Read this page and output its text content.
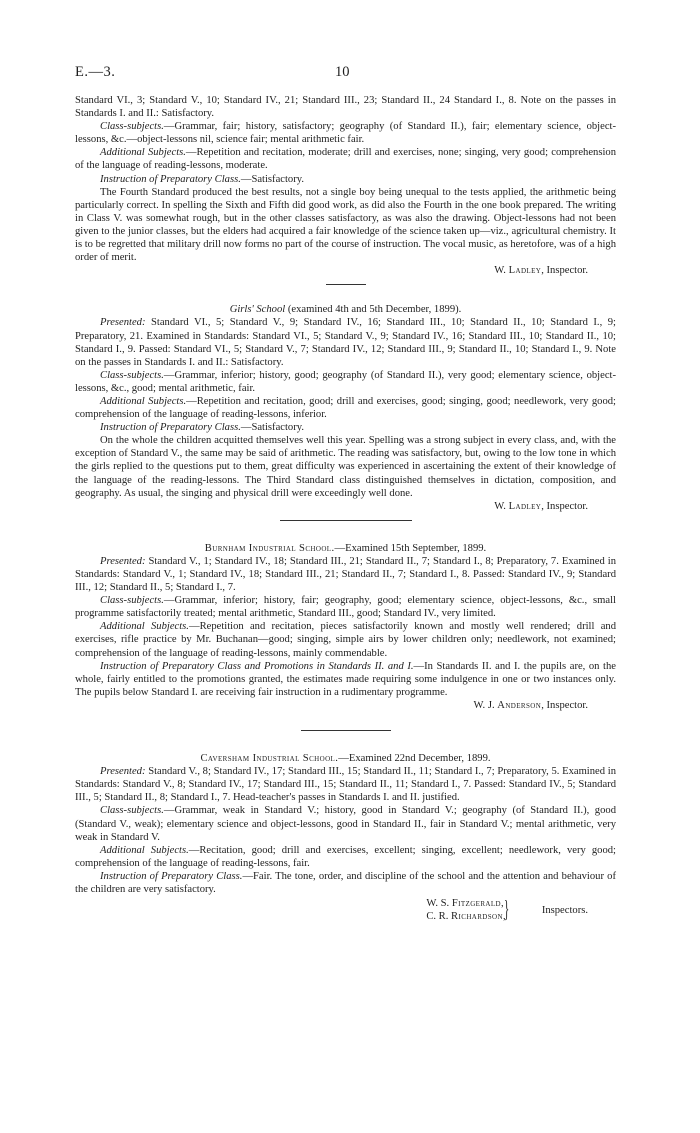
E.—3.	10

Standard VI., 3; Standard V., 10; Standard IV., 21; Standard III., 23; Standard II., 24 Standard I., 8. Note on the passes in Standards I. and II.: Satisfactory.

Class-subjects.—Grammar, fair; history, satisfactory; geography (of Standard II.), fair; elementary science, object-lessons, &c.—object-lessons nil, science fair; mental arithmetic fair.

Additional Subjects.—Repetition and recitation, moderate; drill and exercises, none; singing, very good; comprehension of the language of reading-lessons, moderate.

Instruction of Preparatory Class.—Satisfactory.

The Fourth Standard produced the best results, not a single boy being unequal to the tests applied, the arithmetic being particularly correct. In spelling the Sixth and Fifth did good work, as did also the Fourth in the one book prepared. The writing in Class V. was somewhat rough, but in the other classes satisfactory, as was also the drawing. Object-lessons had not been given to the junior classes, but the elders had acquired a fair knowledge of the science taken up—viz., agricultural chemistry. It is to be regretted that military drill now forms no part of the course of instruction. The vocal music, as heretofore, was of a high order of merit.

W. Ladley, Inspector.

Girls' School (examined 4th and 5th December, 1899).

Presented: Standard VI., 5; Standard V., 9; Standard IV., 16; Standard III., 10; Standard II., 10; Standard I., 9; Preparatory, 21. Examined in Standards: Standard VI., 5; Standard V., 9; Standard IV., 16; Standard III., 10; Standard II., 10; Standard I., 9. Passed: Standard VI., 5; Standard V., 7; Standard IV., 12; Standard III., 9; Standard II., 10; Standard I., 9. Note on the passes in Standards I. and II.: Satisfactory.

Class-subjects.—Grammar, inferior; history, good; geography (of Standard II.), very good; elementary science, object-lessons, &c., good; mental arithmetic, fair.

Additional Subjects.—Repetition and recitation, good; drill and exercises, good; singing, good; needlework, very good; comprehension of the language of reading-lessons, inferior.

Instruction of Preparatory Class.—Satisfactory.

On the whole the children acquitted themselves well this year. Spelling was a strong subject in every class, and, with the exception of Standard V., the same may be said of arithmetic. The reading was satisfactory, but, owing to the low tone in which the girls replied to the questions put to them, great difficulty was experienced in ascertaining the extent of their knowledge of the language of the reading-lessons. The Third Standard class distinguished themselves in dictation, composition, and geography. As usual, the singing and physical drill were exceedingly well done.

W. Ladley, Inspector.

Burnham Industrial School.—Examined 15th September, 1899.

Presented: Standard V., 1; Standard IV., 18; Standard III., 21; Standard II., 7; Standard I., 8; Preparatory, 7. Examined in Standards: Standard V., 1; Standard IV., 18; Standard III., 21; Standard II., 7; Standard I., 8. Passed: Standard IV., 9; Standard III., 12; Standard II., 5; Standard I., 7.

Class-subjects.—Grammar, inferior; history, fair; geography, good; elementary science, object-lessons, &c., small programme satisfactorily treated; mental arithmetic, Standard III., good; Standard IV., very limited.

Additional Subjects.—Repetition and recitation, pieces satisfactorily known and mostly well rendered; drill and exercises, rifle practice by Mr. Buchanan—good; singing, simple airs by lower children only; needlework, not examined; comprehension of the language of reading-lessons, mainly commendable.

Instruction of Preparatory Class and Promotions in Standards II. and I.—In Standards II. and I. the pupils are, on the whole, fairly entitled to the promotions granted, the estimates made requiring some indulgence in one or two instances only. The pupils below Standard I. are receiving fair instruction in a rudimentary programme.

W. J. Anderson, Inspector.

Caversham Industrial School.—Examined 22nd December, 1899.

Presented: Standard V., 8; Standard IV., 17; Standard III., 15; Standard II., 11; Standard I., 7; Preparatory, 5. Examined in Standards: Standard V., 8; Standard IV., 17; Standard III., 15; Standard II., 11; Standard I., 7. Passed: Standard IV., 5; Standard III., 5; Standard II., 8; Standard I., 7. Head-teacher's passes in Standards I. and II. justified.

Class-subjects.—Grammar, weak in Standard V.; history, good in Standard V.; geography (of Standard II.), good (Standard V., weak); elementary science and object-lessons, good in Standard II., fair in Standard V.; mental arithmetic, very weak in Standard V.

Additional Subjects.—Recitation, good; drill and exercises, excellent; singing, excellent; needlework, very good; comprehension of the language of reading-lessons, fair.

Instruction of Preparatory Class.—Fair. The tone, order, and discipline of the school and the attention and behaviour of the children are very satisfactory.

W. S. Fitzgerald,
C. R. Richardson,
}	Inspectors.
